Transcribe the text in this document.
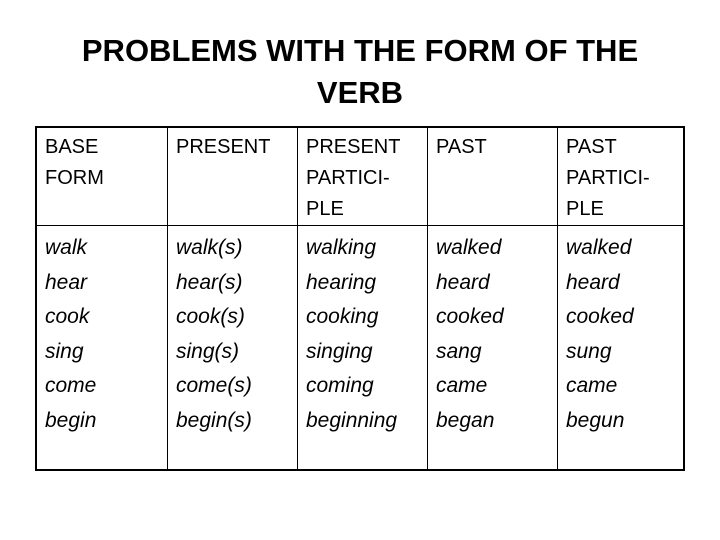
PROBLEMS WITH THE FORM OF THE
VERB
BASE
FORM
walk
hear
cook
sing
come
begin
PRESENT
walk(s)
hear(s)
cook(s)
sing(s)
come(s)
begin(s)
PRESENT
PARTICI-
PLE
walking
hearing
cooking
singing
coming
beginning
PAST
walked
heard
cooked
sang
came
began
PAST
PARTICI-
PLE
walked
heard
cooked
sung
came
begun
